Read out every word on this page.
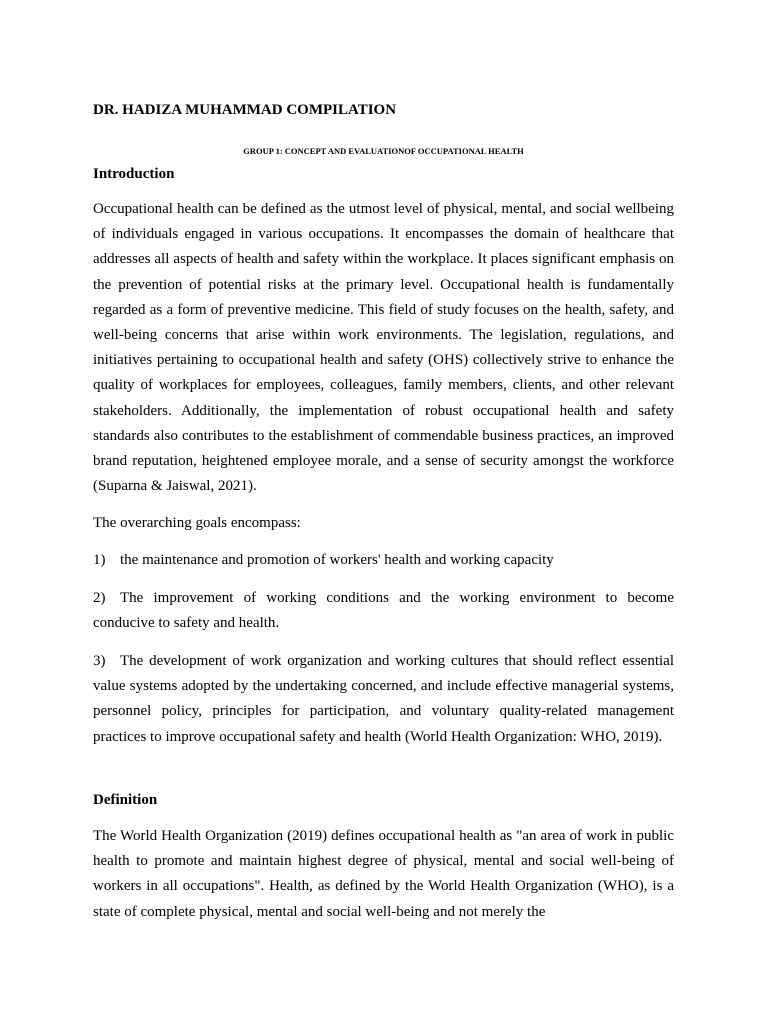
DR. HADIZA MUHAMMAD COMPILATION
GROUP 1: CONCEPT AND EVALUATIONOF OCCUPATIONAL HEALTH
Introduction

Occupational health can be defined as the utmost level of physical, mental, and social wellbeing of individuals engaged in various occupations. It encompasses the domain of healthcare that addresses all aspects of health and safety within the workplace. It places significant emphasis on the prevention of potential risks at the primary level. Occupational health is fundamentally regarded as a form of preventive medicine. This field of study focuses on the health, safety, and well-being concerns that arise within work environments. The legislation, regulations, and initiatives pertaining to occupational health and safety (OHS) collectively strive to enhance the quality of workplaces for employees, colleagues, family members, clients, and other relevant stakeholders. Additionally, the implementation of robust occupational health and safety standards also contributes to the establishment of commendable business practices, an improved brand reputation, heightened employee morale, and a sense of security amongst the workforce (Suparna & Jaiswal, 2021).

The overarching goals encompass:

1) the maintenance and promotion of workers' health and working capacity

2) The improvement of working conditions and the working environment to become conducive to safety and health.

3) The development of work organization and working cultures that should reflect essential value systems adopted by the undertaking concerned, and include effective managerial systems, personnel policy, principles for participation, and voluntary quality-related management practices to improve occupational safety and health (World Health Organization: WHO, 2019).

Definition

The World Health Organization (2019) defines occupational health as "an area of work in public health to promote and maintain highest degree of physical, mental and social well-being of workers in all occupations". Health, as defined by the World Health Organization (WHO), is a state of complete physical, mental and social well-being and not merely the
